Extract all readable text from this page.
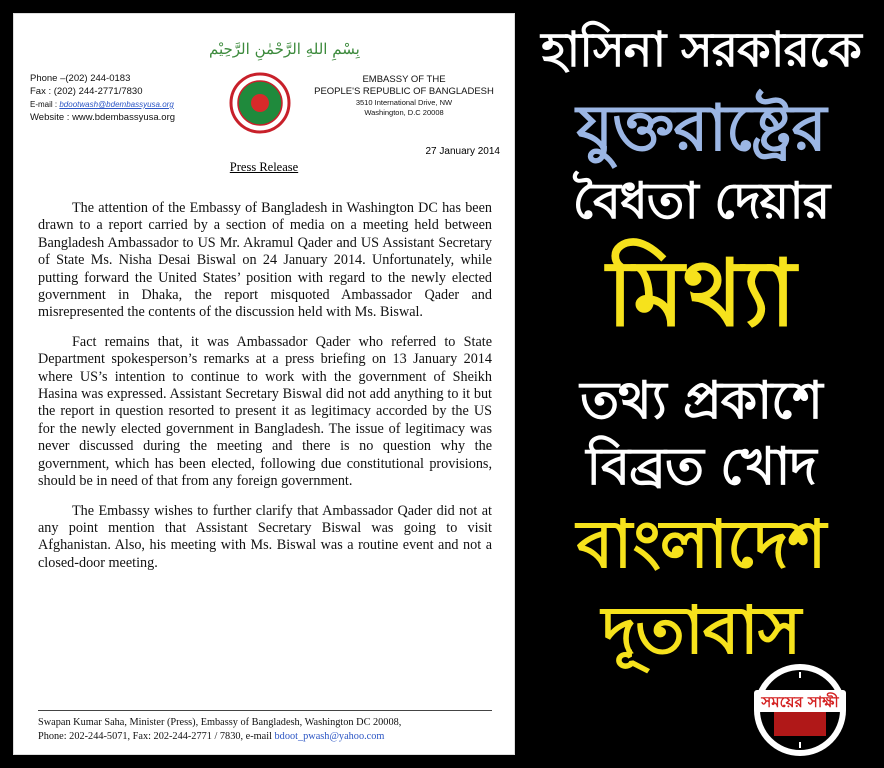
بِسْمِ اللهِ الرَّحْمٰنِ الرَّحِيْم
Phone –(202) 244-0183
Fax : (202) 244-2771/7830
E-mail : bdootwash@bdembassyusa.org
Website : www.bdembassyusa.org
EMBASSY OF THE
PEOPLE'S REPUBLIC OF BANGLADESH
3510 International Drive, NW
Washington, D.C 20008
27 January 2014
Press Release

The attention of the Embassy of Bangladesh in Washington DC has been drawn to a report carried by a section of media on a meeting held between Bangladesh Ambassador to US Mr. Akramul Qader and US Assistant Secretary of State Ms. Nisha Desai Biswal on 24 January 2014. Unfortunately, while putting forward the United States’ position with regard to the newly elected government in Dhaka, the report misquoted Ambassador Qader and misrepresented the contents of the discussion held with Ms. Biswal.

Fact remains that, it was Ambassador Qader who referred to State Department spokesperson’s remarks at a press briefing on 13 January 2014 where US’s intention to continue to work with the government of Sheikh Hasina was expressed. Assistant Secretary Biswal did not add anything to it but the report in question resorted to present it as legitimacy accorded by the US for the newly elected government in Bangladesh. The issue of legitimacy was never discussed during the meeting and there is no question why the government, which has been elected, following due constitutional provisions, should be in need of that from any foreign government.

The Embassy wishes to further clarify that Ambassador Qader did not at any point mention that Assistant Secretary Biswal was going to visit Afghanistan. Also, his meeting with Ms. Biswal was a routine event and not a closed-door meeting.

Swapan Kumar Saha, Minister (Press), Embassy of Bangladesh, Washington DC 20008,
Phone: 202-244-5071, Fax: 202-244-2771 / 7830, e-mail bdoot_pwash@yahoo.com
হাসিনা সরকারকে
যুক্তরাষ্ট্রের
বৈধতা দেয়ার
মিথ্যা
তথ্য প্রকাশে
বিব্রত খোদ
বাংলাদেশ
দূতাবাস
সময়ের সাক্ষী
